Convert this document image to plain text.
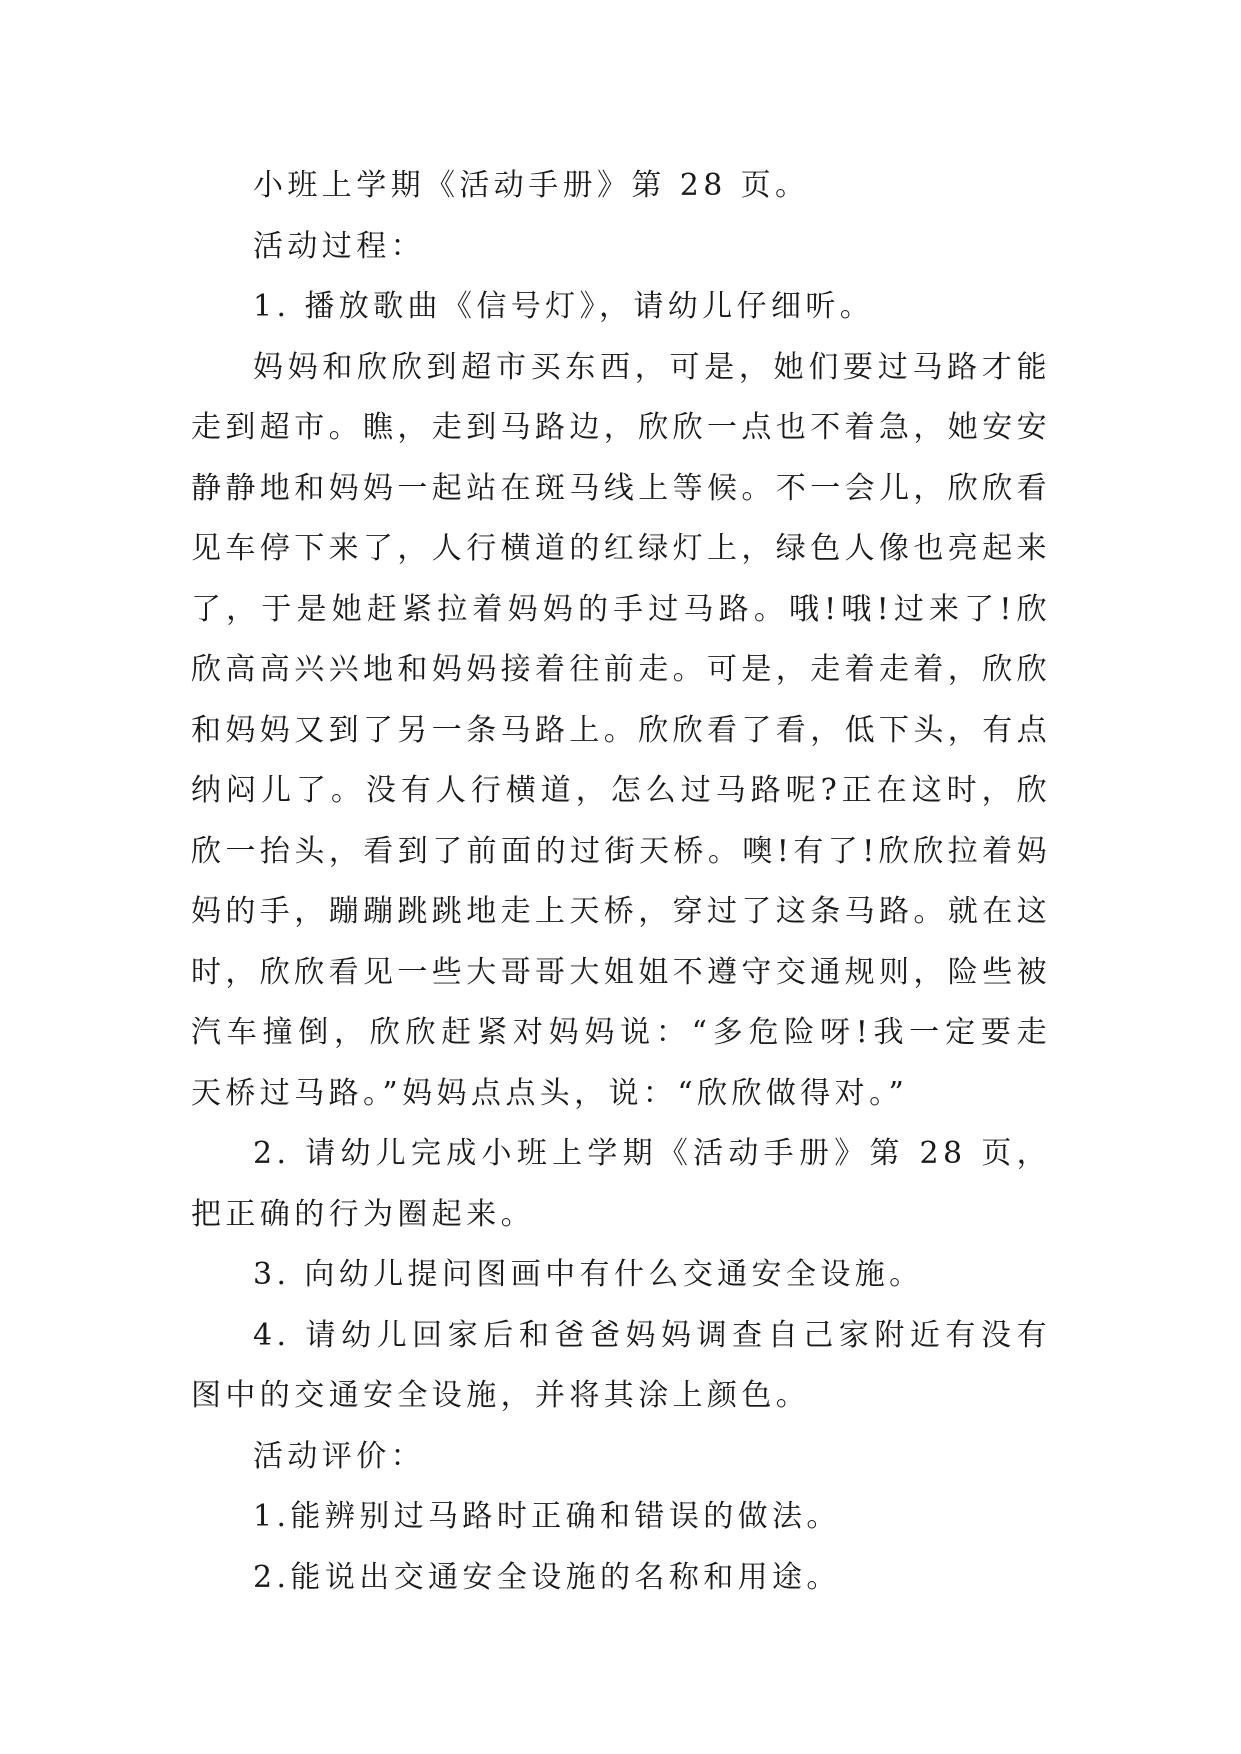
小班上学期《活动手册》第 28 页。

活动过程：

1. 播放歌曲《信号灯》，请幼儿仔细听。

妈妈和欣欣到超市买东西，可是，她们要过马路才能走到超市。瞧，走到马路边，欣欣一点也不着急，她安安静静地和妈妈一起站在斑马线上等候。不一会儿，欣欣看见车停下来了，人行横道的红绿灯上，绿色人像也亮起来了，于是她赶紧拉着妈妈的手过马路。哦!哦!过来了!欣欣高高兴兴地和妈妈接着往前走。可是，走着走着，欣欣和妈妈又到了另一条马路上。欣欣看了看，低下头，有点纳闷儿了。没有人行横道，怎么过马路呢?正在这时，欣欣一抬头，看到了前面的过街天桥。噢!有了!欣欣拉着妈妈的手，蹦蹦跳跳地走上天桥，穿过了这条马路。就在这时，欣欣看见一些大哥哥大姐姐不遵守交通规则，险些被汽车撞倒，欣欣赶紧对妈妈说：“多危险呀!我一定要走天桥过马路。”妈妈点点头，说：“欣欣做得对。”

2. 请幼儿完成小班上学期《活动手册》第 28 页，把正确的行为圈起来。

3. 向幼儿提问图画中有什么交通安全设施。

4. 请幼儿回家后和爸爸妈妈调查自己家附近有没有图中的交通安全设施，并将其涂上颜色。

活动评价：

1.能辨别过马路时正确和错误的做法。

2.能说出交通安全设施的名称和用途。
